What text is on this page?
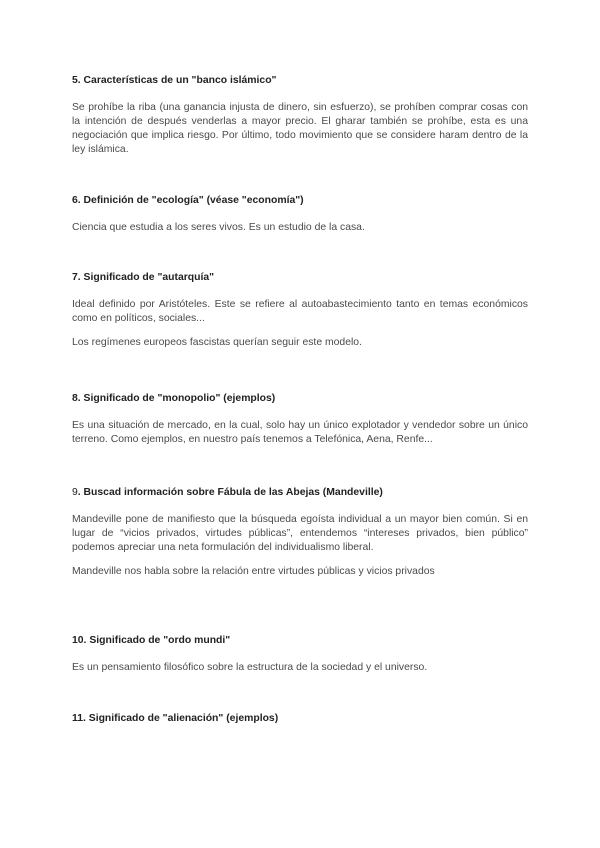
5. Características de un "banco islámico"

Se prohíbe la riba (una ganancia injusta de dinero, sin esfuerzo), se prohíben comprar cosas con la intención de después venderlas a mayor precio. El gharar también se prohíbe, esta es una negociación que implica riesgo. Por último, todo movimiento que se considere haram dentro de la ley islámica.

6. Definición de "ecología" (véase "economía")

Ciencia que estudia a los seres vivos. Es un estudio de la casa.

7. Significado de "autarquía"

Ideal definido por Aristóteles. Este se refiere al autoabastecimiento tanto en temas económicos como en políticos, sociales...

Los regímenes europeos fascistas querían seguir este modelo.

8. Significado de "monopolio" (ejemplos)

Es una situación de mercado, en la cual, solo hay un único explotador y vendedor sobre un único terreno. Como ejemplos, en nuestro país tenemos a Telefónica, Aena, Renfe...

9. Buscad información sobre Fábula de las Abejas (Mandeville)

Mandeville pone de manifiesto que la búsqueda egoísta individual a un mayor bien común. Si en lugar de “vicios privados, virtudes públicas”, entendemos “intereses privados, bien público” podemos apreciar una neta formulación del individualismo liberal.

Mandeville nos habla sobre la relación entre virtudes públicas y vicios privados

10. Significado de "ordo mundi"

Es un pensamiento filosófico sobre la estructura de la sociedad y el universo.

11. Significado de "alienación" (ejemplos)
